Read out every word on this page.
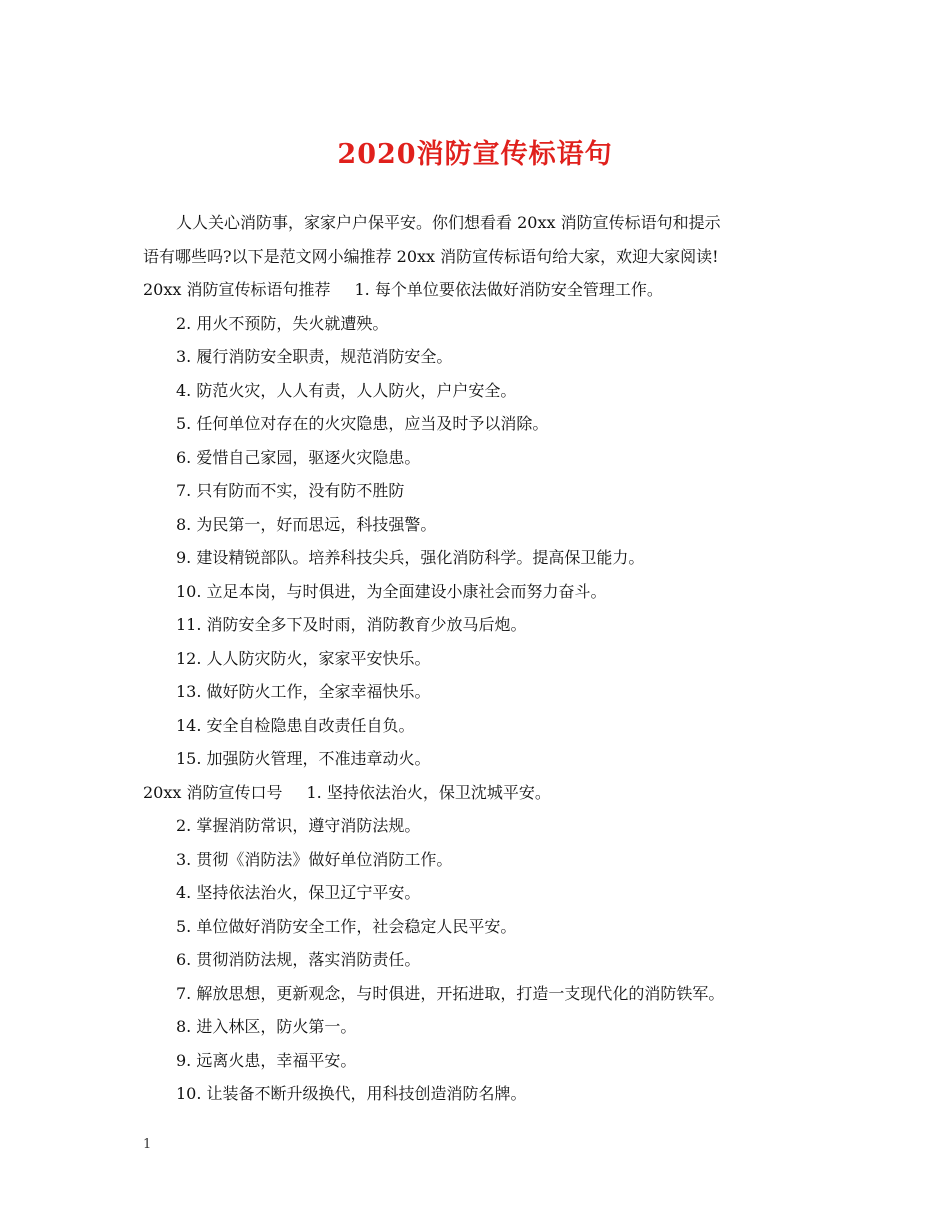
2020消防宣传标语句
人人关心消防事，家家户户保平安。你们想看看 20xx 消防宣传标语句和提示
语有哪些吗?以下是范文网小编推荐 20xx 消防宣传标语句给大家，欢迎大家阅读!
20xx 消防宣传标语句推荐 1. 每个单位要依法做好消防安全管理工作。
2. 用火不预防，失火就遭殃。
3. 履行消防安全职责，规范消防安全。
4. 防范火灾，人人有责，人人防火，户户安全。
5. 任何单位对存在的火灾隐患，应当及时予以消除。
6. 爱惜自己家园，驱逐火灾隐患。
7. 只有防而不实，没有防不胜防
8. 为民第一，好而思远，科技强警。
9. 建设精锐部队。培养科技尖兵，强化消防科学。提高保卫能力。
10. 立足本岗，与时俱进，为全面建设小康社会而努力奋斗。
11. 消防安全多下及时雨，消防教育少放马后炮。
12. 人人防灾防火，家家平安快乐。
13. 做好防火工作，全家幸福快乐。
14. 安全自检隐患自改责任自负。
15. 加强防火管理，不准违章动火。
20xx 消防宣传口号 1. 坚持依法治火，保卫沈城平安。
2. 掌握消防常识，遵守消防法规。
3. 贯彻《消防法》做好单位消防工作。
4. 坚持依法治火，保卫辽宁平安。
5. 单位做好消防安全工作，社会稳定人民平安。
6. 贯彻消防法规，落实消防责任。
7. 解放思想，更新观念，与时俱进，开拓进取，打造一支现代化的消防铁军。
8. 进入林区，防火第一。
9. 远离火患，幸福平安。
10. 让装备不断升级换代，用科技创造消防名牌。
1
